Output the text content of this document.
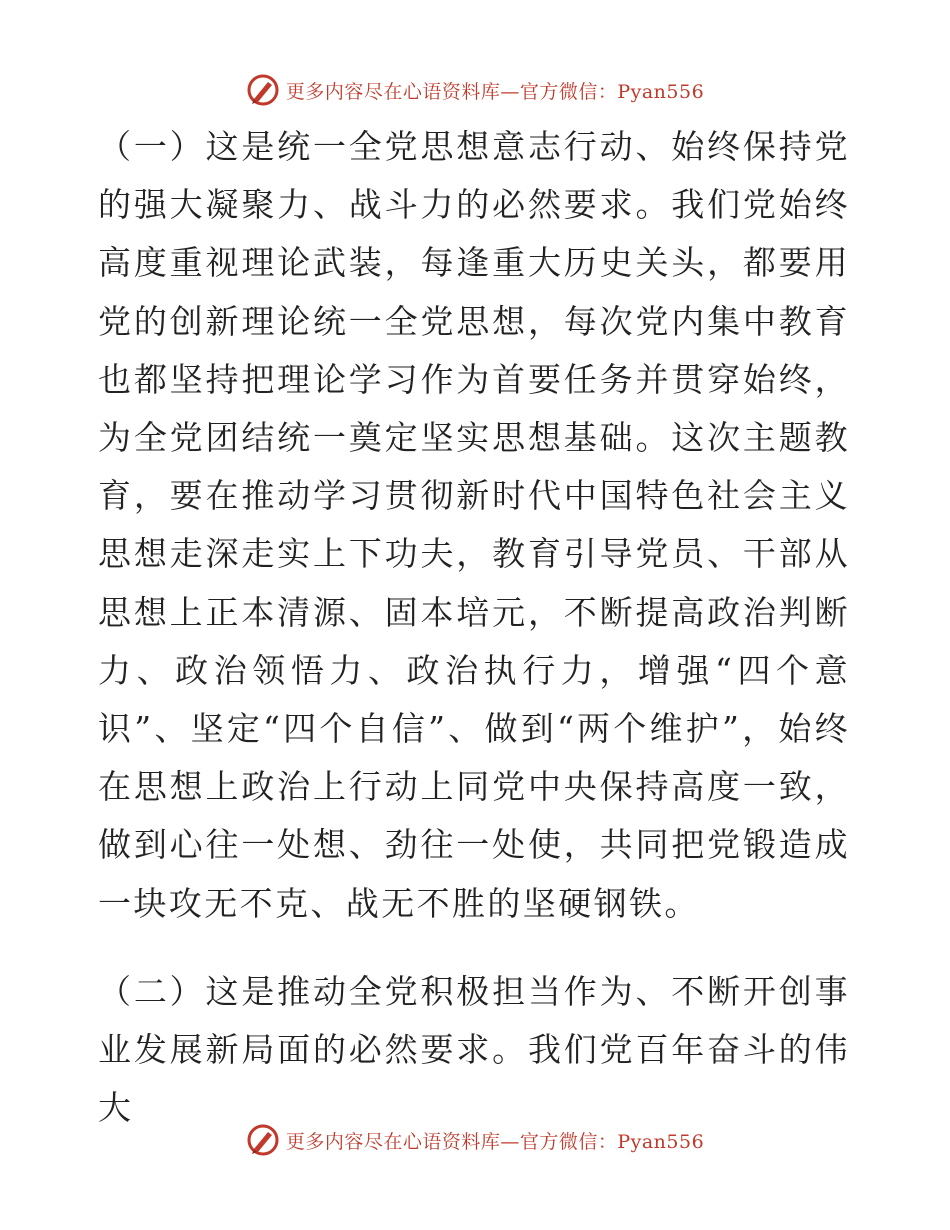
更多内容尽在心语资料库—官方微信：Pyan556

（一）这是统一全党思想意志行动、始终保持党的强大凝聚力、战斗力的必然要求。我们党始终高度重视理论武装，每逢重大历史关头，都要用党的创新理论统一全党思想，每次党内集中教育也都坚持把理论学习作为首要任务并贯穿始终，为全党团结统一奠定坚实思想基础。这次主题教育，要在推动学习贯彻新时代中国特色社会主义思想走深走实上下功夫，教育引导党员、干部从思想上正本清源、固本培元，不断提高政治判断力、政治领悟力、政治执行力，增强“四个意识”、坚定“四个自信”、做到“两个维护”，始终在思想上政治上行动上同党中央保持高度一致，做到心往一处想、劲往一处使，共同把党锻造成一块攻无不克、战无不胜的坚硬钢铁。

（二）这是推动全党积极担当作为、不断开创事业发展新局面的必然要求。我们党百年奋斗的伟大

更多内容尽在心语资料库—官方微信：Pyan556
